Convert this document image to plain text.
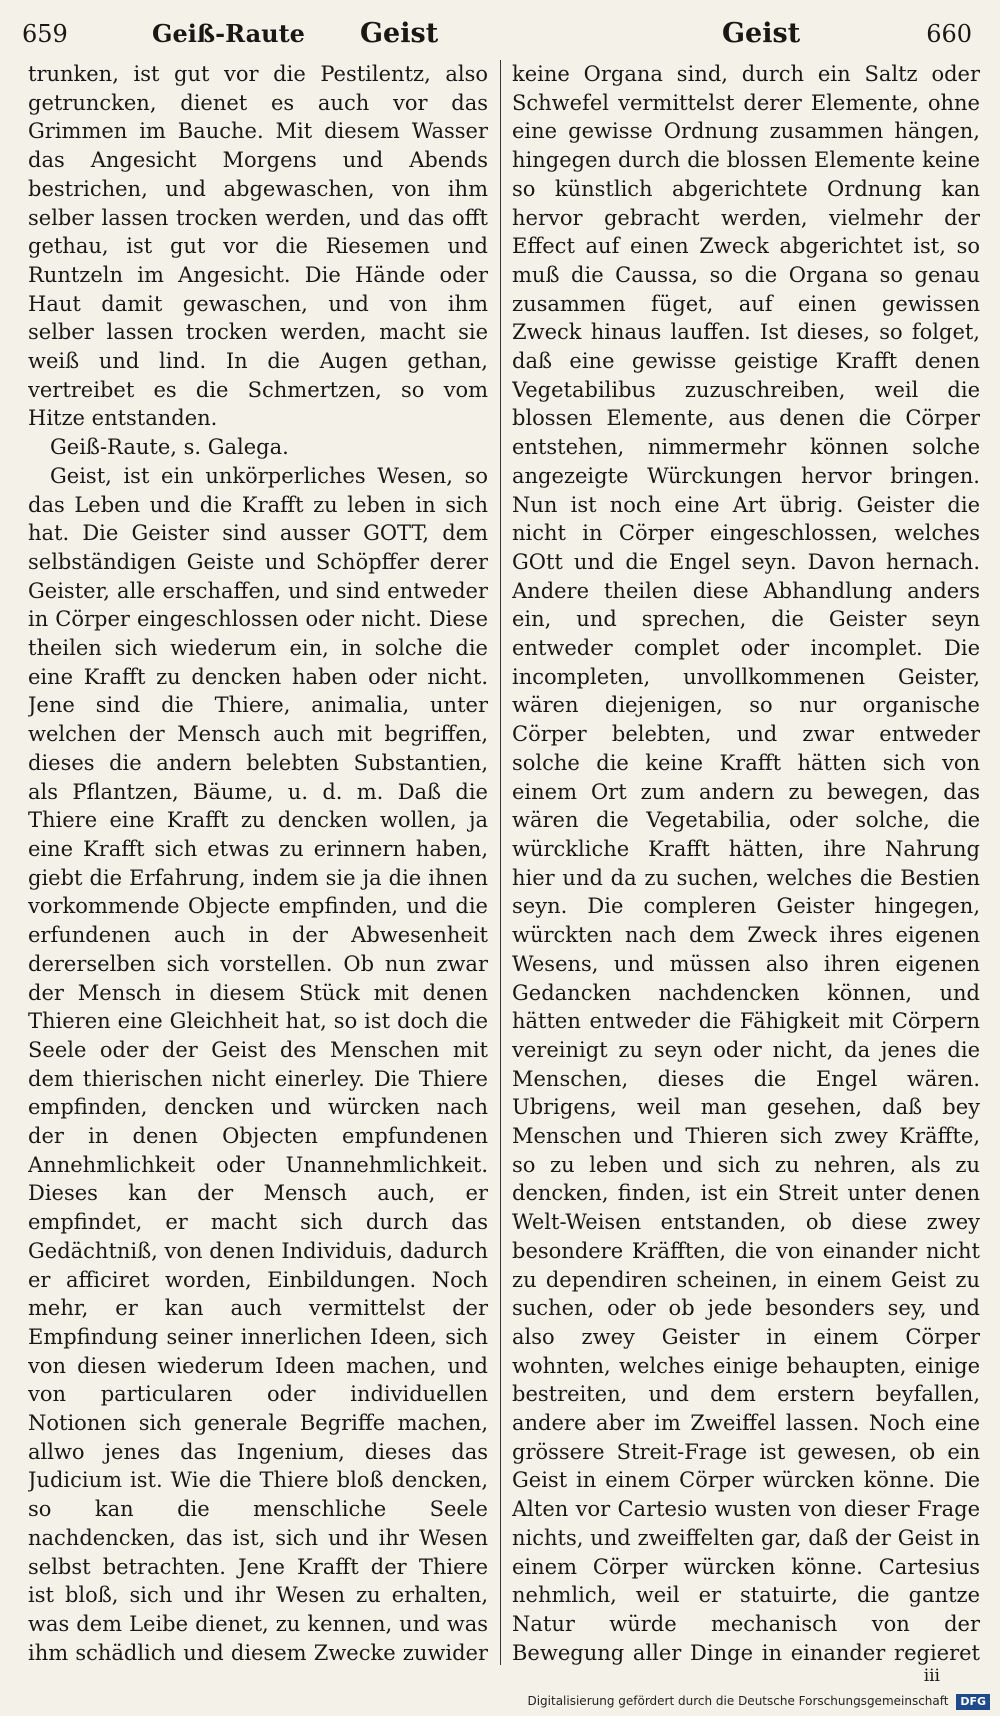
659	Geiß-Raute Geist	Geist	660

trunken, ist gut vor die Pestilentz, also getruncken, dienet es auch vor das Grimmen im Bauche. Mit diesem Wasser das Angesicht Morgens und Abends bestrichen, und abgewaschen, von ihm selber lassen trocken werden, und das offt gethau, ist gut vor die Riesemen und Runtzeln im Angesicht. Die Hände oder Haut damit gewaschen, und von ihm selber lassen trocken werden, macht sie weiß und lind. In die Augen gethan, vertreibet es die Schmertzen, so vom Hitze entstanden.

Geiß-Raute, s. Galega.

Geist, ist ein unkörperliches Wesen, so das Leben und die Krafft zu leben in sich hat. Die Geister sind ausser GOTT, dem selbständigen Geiste und Schöpffer derer Geister, alle erschaffen, und sind entweder in Cörper eingeschlossen oder nicht. Diese theilen sich wiederum ein, in solche die eine Krafft zu dencken haben oder nicht. Jene sind die Thiere, animalia, unter welchen der Mensch auch mit begriffen, dieses die andern belebten Substantien, als Pflantzen, Bäume, u. d. m. Daß die Thiere eine Krafft zu dencken wollen, ja eine Krafft sich etwas zu erinnern haben, giebt die Erfahrung, indem sie ja die ihnen vorkommende Objecte empfinden, und die erfundenen auch in der Abwesenheit dererselben sich vorstellen. Ob nun zwar der Mensch in diesem Stück mit denen Thieren eine Gleichheit hat, so ist doch die Seele oder der Geist des Menschen mit dem thierischen nicht einerley. Die Thiere empfinden, dencken und würcken nach der in denen Objecten empfundenen Annehmlichkeit oder Unannehmlichkeit. Dieses kan der Mensch auch, er empfindet, er macht sich durch das Gedächtniß, von denen Individuis, dadurch er afficiret worden, Einbildungen. Noch mehr, er kan auch vermittelst der Empfindung seiner innerlichen Ideen, sich von diesen wiederum Ideen machen, und von particularen oder individuellen Notionen sich generale Begriffe machen, allwo jenes das Ingenium, dieses das Judicium ist. Wie die Thiere bloß dencken, so kan die menschliche Seele nachdencken, das ist, sich und ihr Wesen selbst betrachten. Jene Krafft der Thiere ist bloß, sich und ihr Wesen zu erhalten, was dem Leibe dienet, zu kennen, und was ihm schädlich und diesem Zwecke zuwider

keine Organa sind, durch ein Saltz oder Schwefel vermittelst derer Elemente, ohne eine gewisse Ordnung zusammen hängen, hingegen durch die blossen Elemente keine so künstlich abgerichtete Ordnung kan hervor gebracht werden, vielmehr der Effect auf einen Zweck abgerichtet ist, so muß die Caussa, so die Organa so genau zusammen füget, auf einen gewissen Zweck hinaus lauffen. Ist dieses, so folget, daß eine gewisse geistige Krafft denen Vegetabilibus zuzuschreiben, weil die blossen Elemente, aus denen die Cörper entstehen, nimmermehr können solche angezeigte Würckungen hervor bringen. Nun ist noch eine Art übrig. Geister die nicht in Cörper eingeschlossen, welches GOtt und die Engel seyn. Davon hernach. Andere theilen diese Abhandlung anders ein, und sprechen, die Geister seyn entweder complet oder incomplet. Die incompleten, unvollkommenen Geister, wären diejenigen, so nur organische Cörper belebten, und zwar entweder solche die keine Krafft hätten sich von einem Ort zum andern zu bewegen, das wären die Vegetabilia, oder solche, die würckliche Krafft hätten, ihre Nahrung hier und da zu suchen, welches die Bestien seyn. Die compleren Geister hingegen, würckten nach dem Zweck ihres eigenen Wesens, und müssen also ihren eigenen Gedancken nachdencken können, und hätten entweder die Fähigkeit mit Cörpern vereinigt zu seyn oder nicht, da jenes die Menschen, dieses die Engel wären. Ubrigens, weil man gesehen, daß bey Menschen und Thieren sich zwey Kräffte, so zu leben und sich zu nehren, als zu dencken, finden, ist ein Streit unter denen Welt-Weisen entstanden, ob diese zwey besondere Kräfften, die von einander nicht zu dependiren scheinen, in einem Geist zu suchen, oder ob jede besonders sey, und also zwey Geister in einem Cörper wohnten, welches einige behaupten, einige bestreiten, und dem erstern beyfallen, andere aber im Zweiffel lassen. Noch eine grössere Streit-Frage ist gewesen, ob ein Geist in einem Cörper würcken könne. Die Alten vor Cartesio wusten von dieser Frage nichts, und zweiffelten gar, daß der Geist in einem Cörper würcken könne. Cartesius nehmlich, weil er statuirte, die gantze Natur würde mechanisch von der Bewegung aller Dinge in einander regieret

iii
Digitalisierung gefördert durch die Deutsche Forschungsgemeinschaft DFG
